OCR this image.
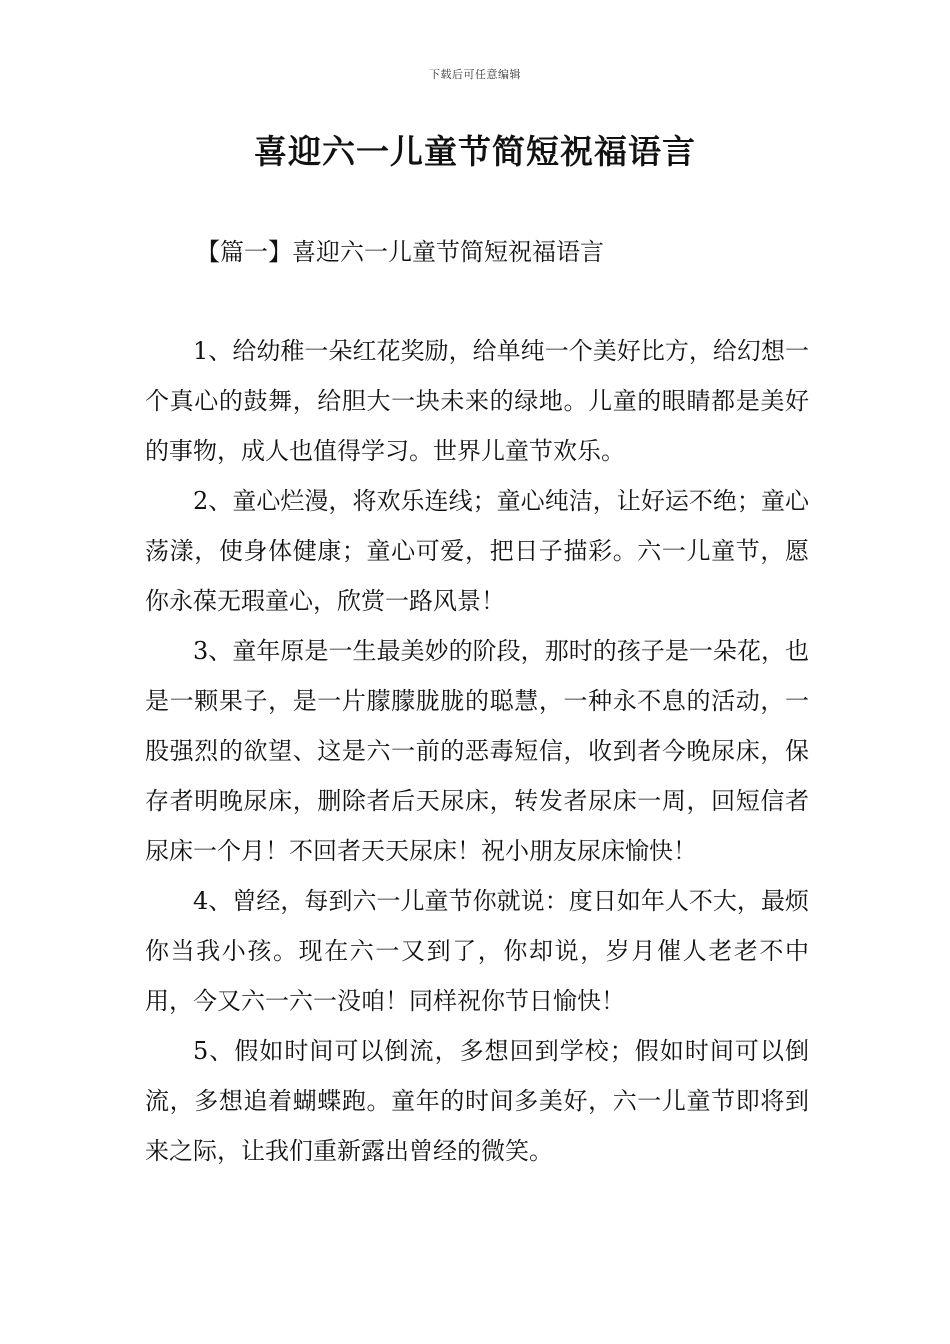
下载后可任意编辑
喜迎六一儿童节简短祝福语言
【篇一】喜迎六一儿童节简短祝福语言

1、给幼稚一朵红花奖励，给单纯一个美好比方，给幻想一个真心的鼓舞，给胆大一块未来的绿地。儿童的眼睛都是美好的事物，成人也值得学习。世界儿童节欢乐。

2、童心烂漫，将欢乐连线；童心纯洁，让好运不绝；童心荡漾，使身体健康；童心可爱，把日子描彩。六一儿童节，愿你永葆无瑕童心，欣赏一路风景！

3、童年原是一生最美妙的阶段，那时的孩子是一朵花，也是一颗果子，是一片朦朦胧胧的聪慧，一种永不息的活动，一股强烈的欲望、这是六一前的恶毒短信，收到者今晚尿床，保存者明晚尿床，删除者后天尿床，转发者尿床一周，回短信者尿床一个月！不回者天天尿床！祝小朋友尿床愉快！

4、曾经，每到六一儿童节你就说：度日如年人不大，最烦你当我小孩。现在六一又到了，你却说，岁月催人老老不中用，今又六一六一没咱！同样祝你节日愉快！

5、假如时间可以倒流，多想回到学校；假如时间可以倒流，多想追着蝴蝶跑。童年的时间多美好，六一儿童节即将到来之际，让我们重新露出曾经的微笑。
